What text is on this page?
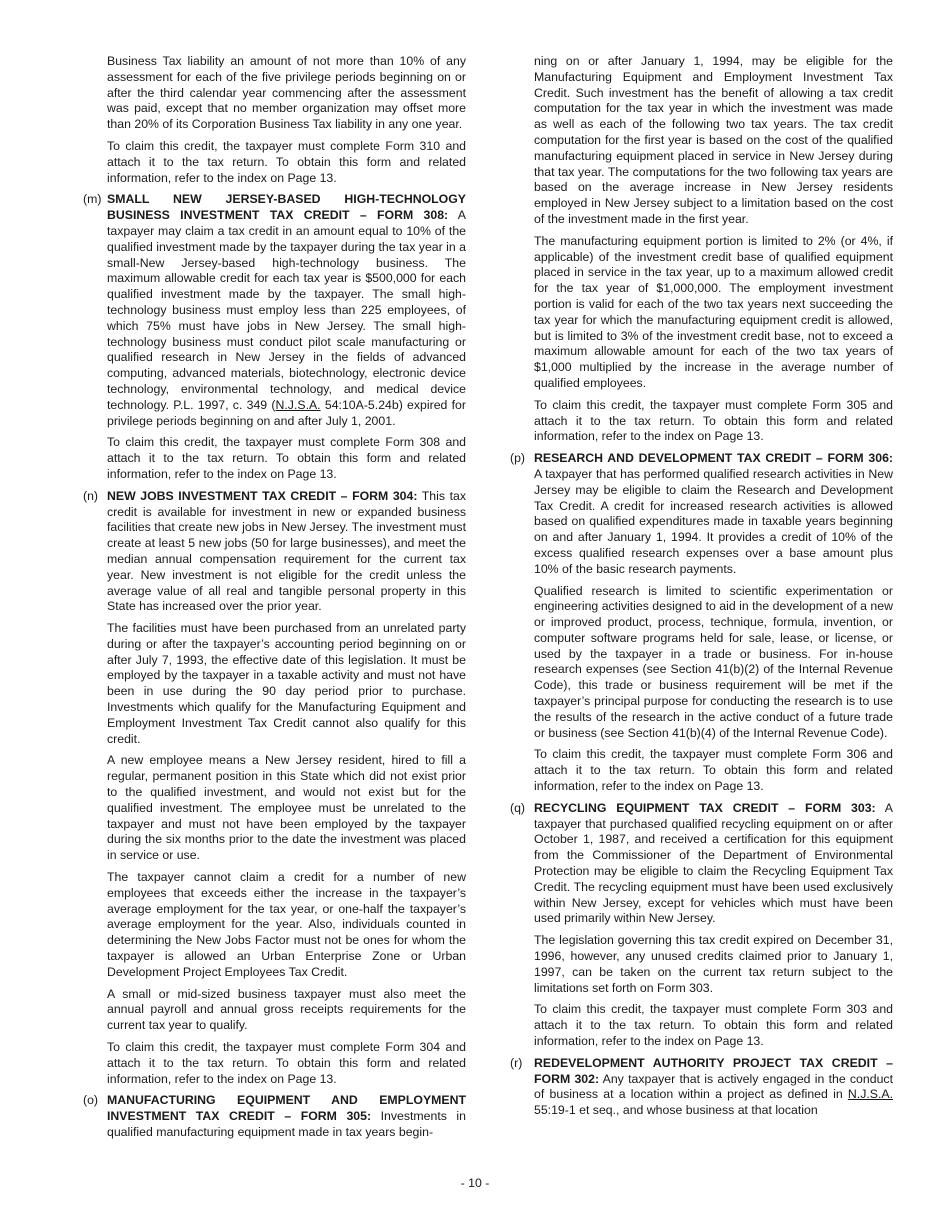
Business Tax liability an amount of not more than 10% of any assessment for each of the five privilege periods beginning on or after the third calendar year commencing after the assessment was paid, except that no member organization may offset more than 20% of its Corporation Business Tax liability in any one year.

To claim this credit, the taxpayer must complete Form 310 and attach it to the tax return. To obtain this form and related information, refer to the index on Page 13.

(m) SMALL NEW JERSEY-BASED HIGH-TECHNOLOGY BUSINESS INVESTMENT TAX CREDIT – FORM 308: A taxpayer may claim a tax credit in an amount equal to 10% of the qualified investment made by the taxpayer during the tax year in a small-New Jersey-based high-technology business. The maximum allowable credit for each tax year is $500,000 for each qualified investment made by the taxpayer. The small high-technology business must employ less than 225 employees, of which 75% must have jobs in New Jersey. The small high-technology business must conduct pilot scale manufacturing or qualified research in New Jersey in the fields of advanced computing, advanced materials, biotechnology, electronic device technology, environmental technology, and medical device technology. P.L. 1997, c. 349 (N.J.S.A. 54:10A-5.24b) expired for privilege periods beginning on and after July 1, 2001.

To claim this credit, the taxpayer must complete Form 308 and attach it to the tax return. To obtain this form and related information, refer to the index on Page 13.

(n) NEW JOBS INVESTMENT TAX CREDIT – FORM 304: This tax credit is available for investment in new or expanded business facilities that create new jobs in New Jersey. The investment must create at least 5 new jobs (50 for large businesses), and meet the median annual compensation requirement for the current tax year. New investment is not eligible for the credit unless the average value of all real and tangible personal property in this State has increased over the prior year.

The facilities must have been purchased from an unrelated party during or after the taxpayer’s accounting period beginning on or after July 7, 1993, the effective date of this legislation. It must be employed by the taxpayer in a taxable activity and must not have been in use during the 90 day period prior to purchase. Investments which qualify for the Manufacturing Equipment and Employment Investment Tax Credit cannot also qualify for this credit.

A new employee means a New Jersey resident, hired to fill a regular, permanent position in this State which did not exist prior to the qualified investment, and would not exist but for the qualified investment. The employee must be unrelated to the taxpayer and must not have been employed by the taxpayer during the six months prior to the date the investment was placed in service or use.

The taxpayer cannot claim a credit for a number of new employees that exceeds either the increase in the taxpayer’s average employment for the tax year, or one-half the taxpayer’s average employment for the year. Also, individuals counted in determining the New Jobs Factor must not be ones for whom the taxpayer is allowed an Urban Enterprise Zone or Urban Development Project Employees Tax Credit.

A small or mid-sized business taxpayer must also meet the annual payroll and annual gross receipts requirements for the current tax year to qualify.

To claim this credit, the taxpayer must complete Form 304 and attach it to the tax return. To obtain this form and related information, refer to the index on Page 13.

(o) MANUFACTURING EQUIPMENT AND EMPLOYMENT INVESTMENT TAX CREDIT – FORM 305: Investments in qualified manufacturing equipment made in tax years begin-

ning on or after January 1, 1994, may be eligible for the Manufacturing Equipment and Employment Investment Tax Credit. Such investment has the benefit of allowing a tax credit computation for the tax year in which the investment was made as well as each of the following two tax years. The tax credit computation for the first year is based on the cost of the qualified manufacturing equipment placed in service in New Jersey during that tax year. The computations for the two following tax years are based on the average increase in New Jersey residents employed in New Jersey subject to a limitation based on the cost of the investment made in the first year.

The manufacturing equipment portion is limited to 2% (or 4%, if applicable) of the investment credit base of qualified equipment placed in service in the tax year, up to a maximum allowed credit for the tax year of $1,000,000. The employment investment portion is valid for each of the two tax years next succeeding the tax year for which the manufacturing equipment credit is allowed, but is limited to 3% of the investment credit base, not to exceed a maximum allowable amount for each of the two tax years of $1,000 multiplied by the increase in the average number of qualified employees.

To claim this credit, the taxpayer must complete Form 305 and attach it to the tax return. To obtain this form and related information, refer to the index on Page 13.

(p) RESEARCH AND DEVELOPMENT TAX CREDIT – FORM 306: A taxpayer that has performed qualified research activities in New Jersey may be eligible to claim the Research and Development Tax Credit. A credit for increased research activities is allowed based on qualified expenditures made in taxable years beginning on and after January 1, 1994. It provides a credit of 10% of the excess qualified research expenses over a base amount plus 10% of the basic research payments.

Qualified research is limited to scientific experimentation or engineering activities designed to aid in the development of a new or improved product, process, technique, formula, invention, or computer software programs held for sale, lease, or license, or used by the taxpayer in a trade or business. For in-house research expenses (see Section 41(b)(2) of the Internal Revenue Code), this trade or business requirement will be met if the taxpayer’s principal purpose for conducting the research is to use the results of the research in the active conduct of a future trade or business (see Section 41(b)(4) of the Internal Revenue Code).

To claim this credit, the taxpayer must complete Form 306 and attach it to the tax return. To obtain this form and related information, refer to the index on Page 13.

(q) RECYCLING EQUIPMENT TAX CREDIT – FORM 303: A taxpayer that purchased qualified recycling equipment on or after October 1, 1987, and received a certification for this equipment from the Commissioner of the Department of Environmental Protection may be eligible to claim the Recycling Equipment Tax Credit. The recycling equipment must have been used exclusively within New Jersey, except for vehicles which must have been used primarily within New Jersey.

The legislation governing this tax credit expired on December 31, 1996, however, any unused credits claimed prior to January 1, 1997, can be taken on the current tax return subject to the limitations set forth on Form 303.

To claim this credit, the taxpayer must complete Form 303 and attach it to the tax return. To obtain this form and related information, refer to the index on Page 13.

(r) REDEVELOPMENT AUTHORITY PROJECT TAX CREDIT – FORM 302: Any taxpayer that is actively engaged in the conduct of business at a location within a project as defined in N.J.S.A. 55:19-1 et seq., and whose business at that location

- 10 -
